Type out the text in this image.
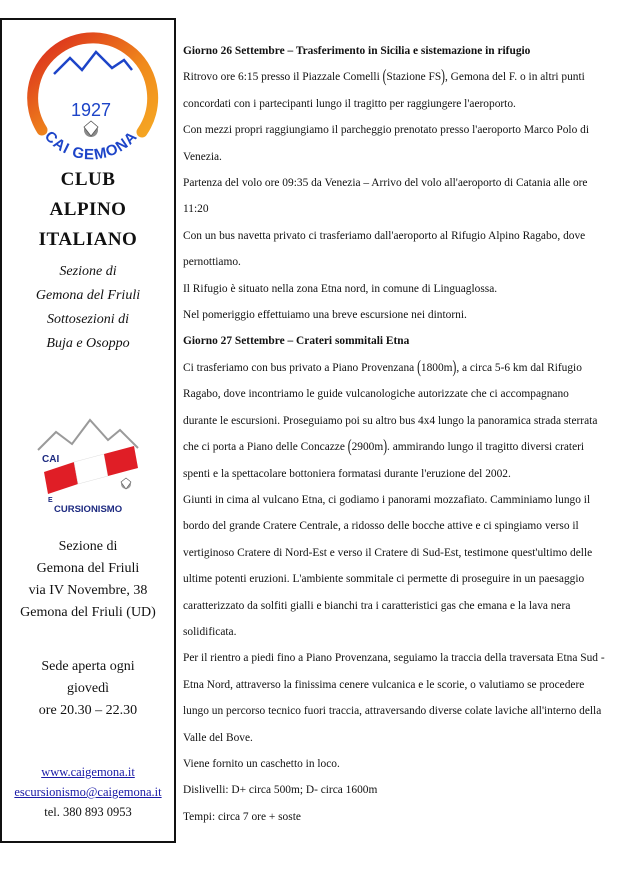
1927
CAI GEMONA
CLUB
ALPINO
ITALIANO
Sezione di
Gemona del Friuli
Sottosezioni di
Buja e Osoppo
CAI
E
CURSIONISMO
Sezione di
Gemona del Friuli
via IV Novembre, 38
Gemona del Friuli (UD)
Sede aperta ogni
giovedì
ore 20.30 – 22.30
www.caigemona.it
escursionismo@caigemona.it
tel. 380 893 0953

Giorno 26 Settembre – Trasferimento in Sicilia e sistemazione in rifugio

Ritrovo ore 6:15 presso il Piazzale Comelli (Stazione FS), Gemona del F. o in altri punti concordati con i partecipanti lungo il tragitto per raggiungere l'aeroporto.

Con mezzi propri raggiungiamo il parcheggio prenotato presso l'aeroporto Marco Polo di Venezia.

Partenza del volo ore 09:35 da Venezia – Arrivo del volo all'aeroporto di Catania alle ore 11:20

Con un bus navetta privato ci trasferiamo dall'aeroporto al Rifugio Alpino Ragabo, dove pernottiamo.

Il Rifugio è situato nella zona Etna nord, in comune di Linguaglossa.

Nel pomeriggio effettuiamo una breve escursione nei dintorni.

Giorno 27 Settembre – Crateri sommitali Etna

Ci trasferiamo con bus privato a Piano Provenzana (1800m), a circa 5-6 km dal Rifugio Ragabo, dove incontriamo le guide vulcanologiche autorizzate che ci accompagnano durante le escursioni. Proseguiamo poi su altro bus 4x4 lungo la panoramica strada sterrata che ci porta a Piano delle Concazze (2900m). ammirando lungo il tragitto diversi crateri spenti e la spettacolare bottoniera formatasi durante l'eruzione del 2002.

Giunti in cima al vulcano Etna, ci godiamo i panorami mozzafiato. Camminiamo lungo il bordo del grande Cratere Centrale, a ridosso delle bocche attive e ci spingiamo verso il vertiginoso Cratere di Nord-Est e verso il Cratere di Sud-Est, testimone quest'ultimo delle ultime potenti eruzioni. L'ambiente sommitale ci permette di proseguire in un paesaggio caratterizzato da solfiti gialli e bianchi tra i caratteristici gas che emana e la lava nera solidificata.

Per il rientro a piedi fino a Piano Provenzana, seguiamo la traccia della traversata Etna Sud -Etna Nord, attraverso la finissima cenere vulcanica e le scorie, o valutiamo se procedere lungo un percorso tecnico fuori traccia, attraversando diverse colate laviche all'interno della Valle del Bove.

Viene fornito un caschetto in loco.

Dislivelli: D+ circa 500m; D- circa 1600m

Tempi: circa 7 ore + soste
